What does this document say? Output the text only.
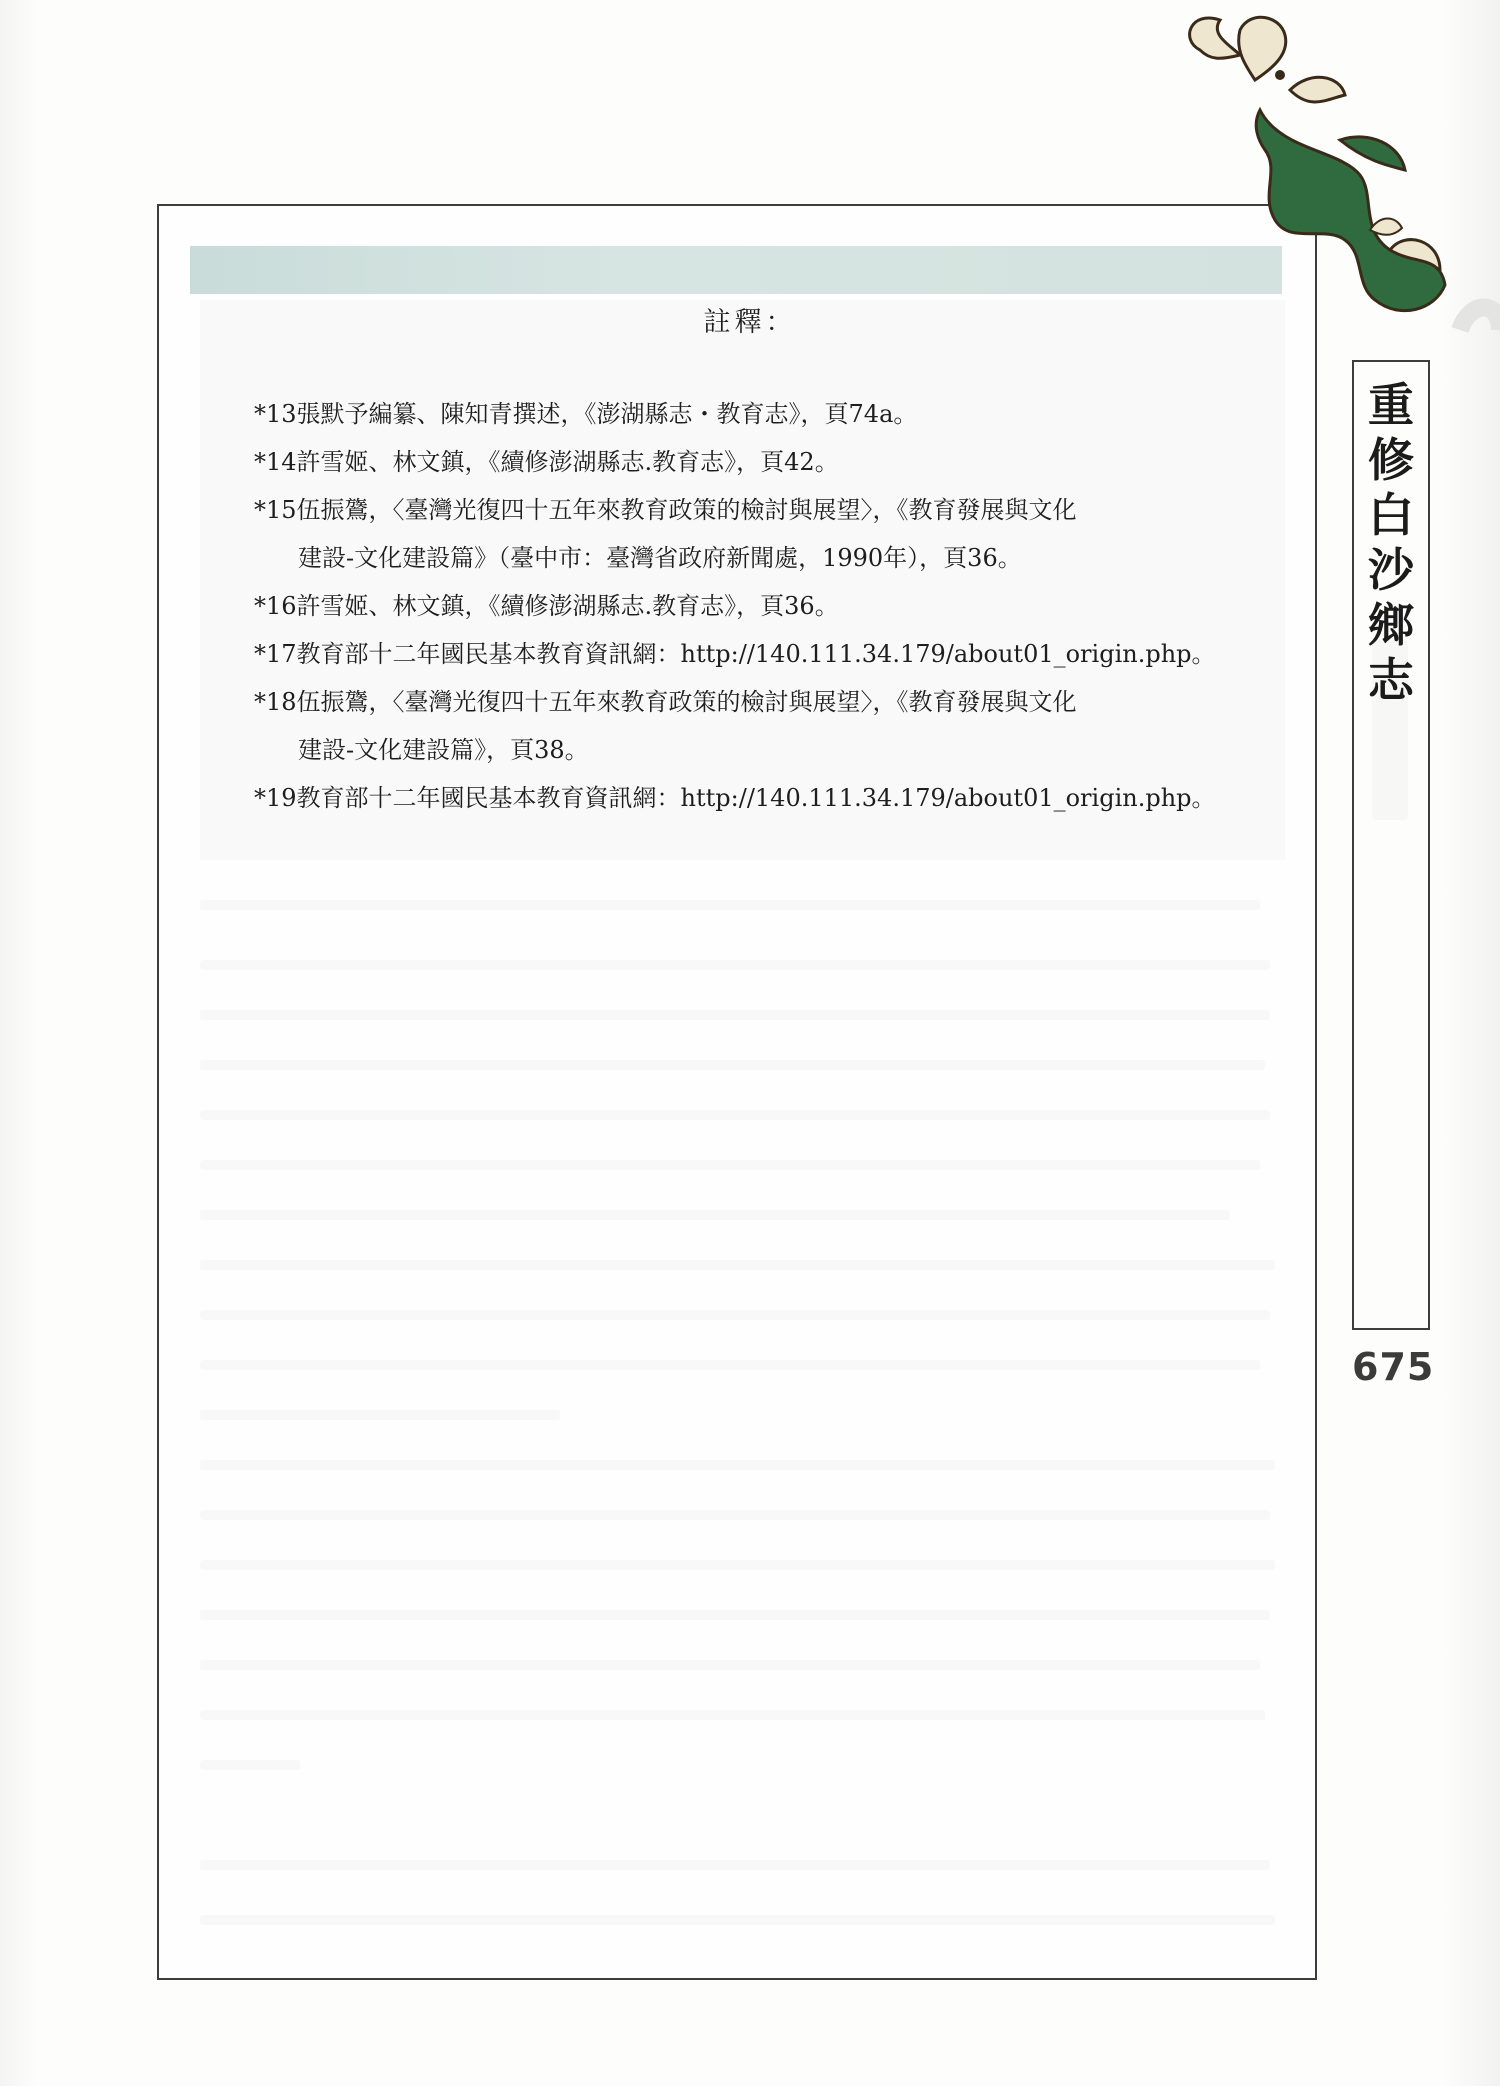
註釋：
*13張默予編纂、陳知青撰述，《澎湖縣志・教育志》，頁74a。
*14許雪姬、林文鎮，《續修澎湖縣志.教育志》，頁42。
*15伍振鷟，〈臺灣光復四十五年來教育政策的檢討與展望〉，《教育發展與文化
建設-文化建設篇》（臺中市：臺灣省政府新聞處，1990年），頁36。
*16許雪姬、林文鎮，《續修澎湖縣志.教育志》，頁36。
*17教育部十二年國民基本教育資訊網：http://140.111.34.179/about01_origin.php。
*18伍振鷟，〈臺灣光復四十五年來教育政策的檢討與展望〉，《教育發展與文化
建設-文化建設篇》，頁38。
*19教育部十二年國民基本教育資訊網：http://140.111.34.179/about01_origin.php。
重
修
白
沙
鄉
志
675
